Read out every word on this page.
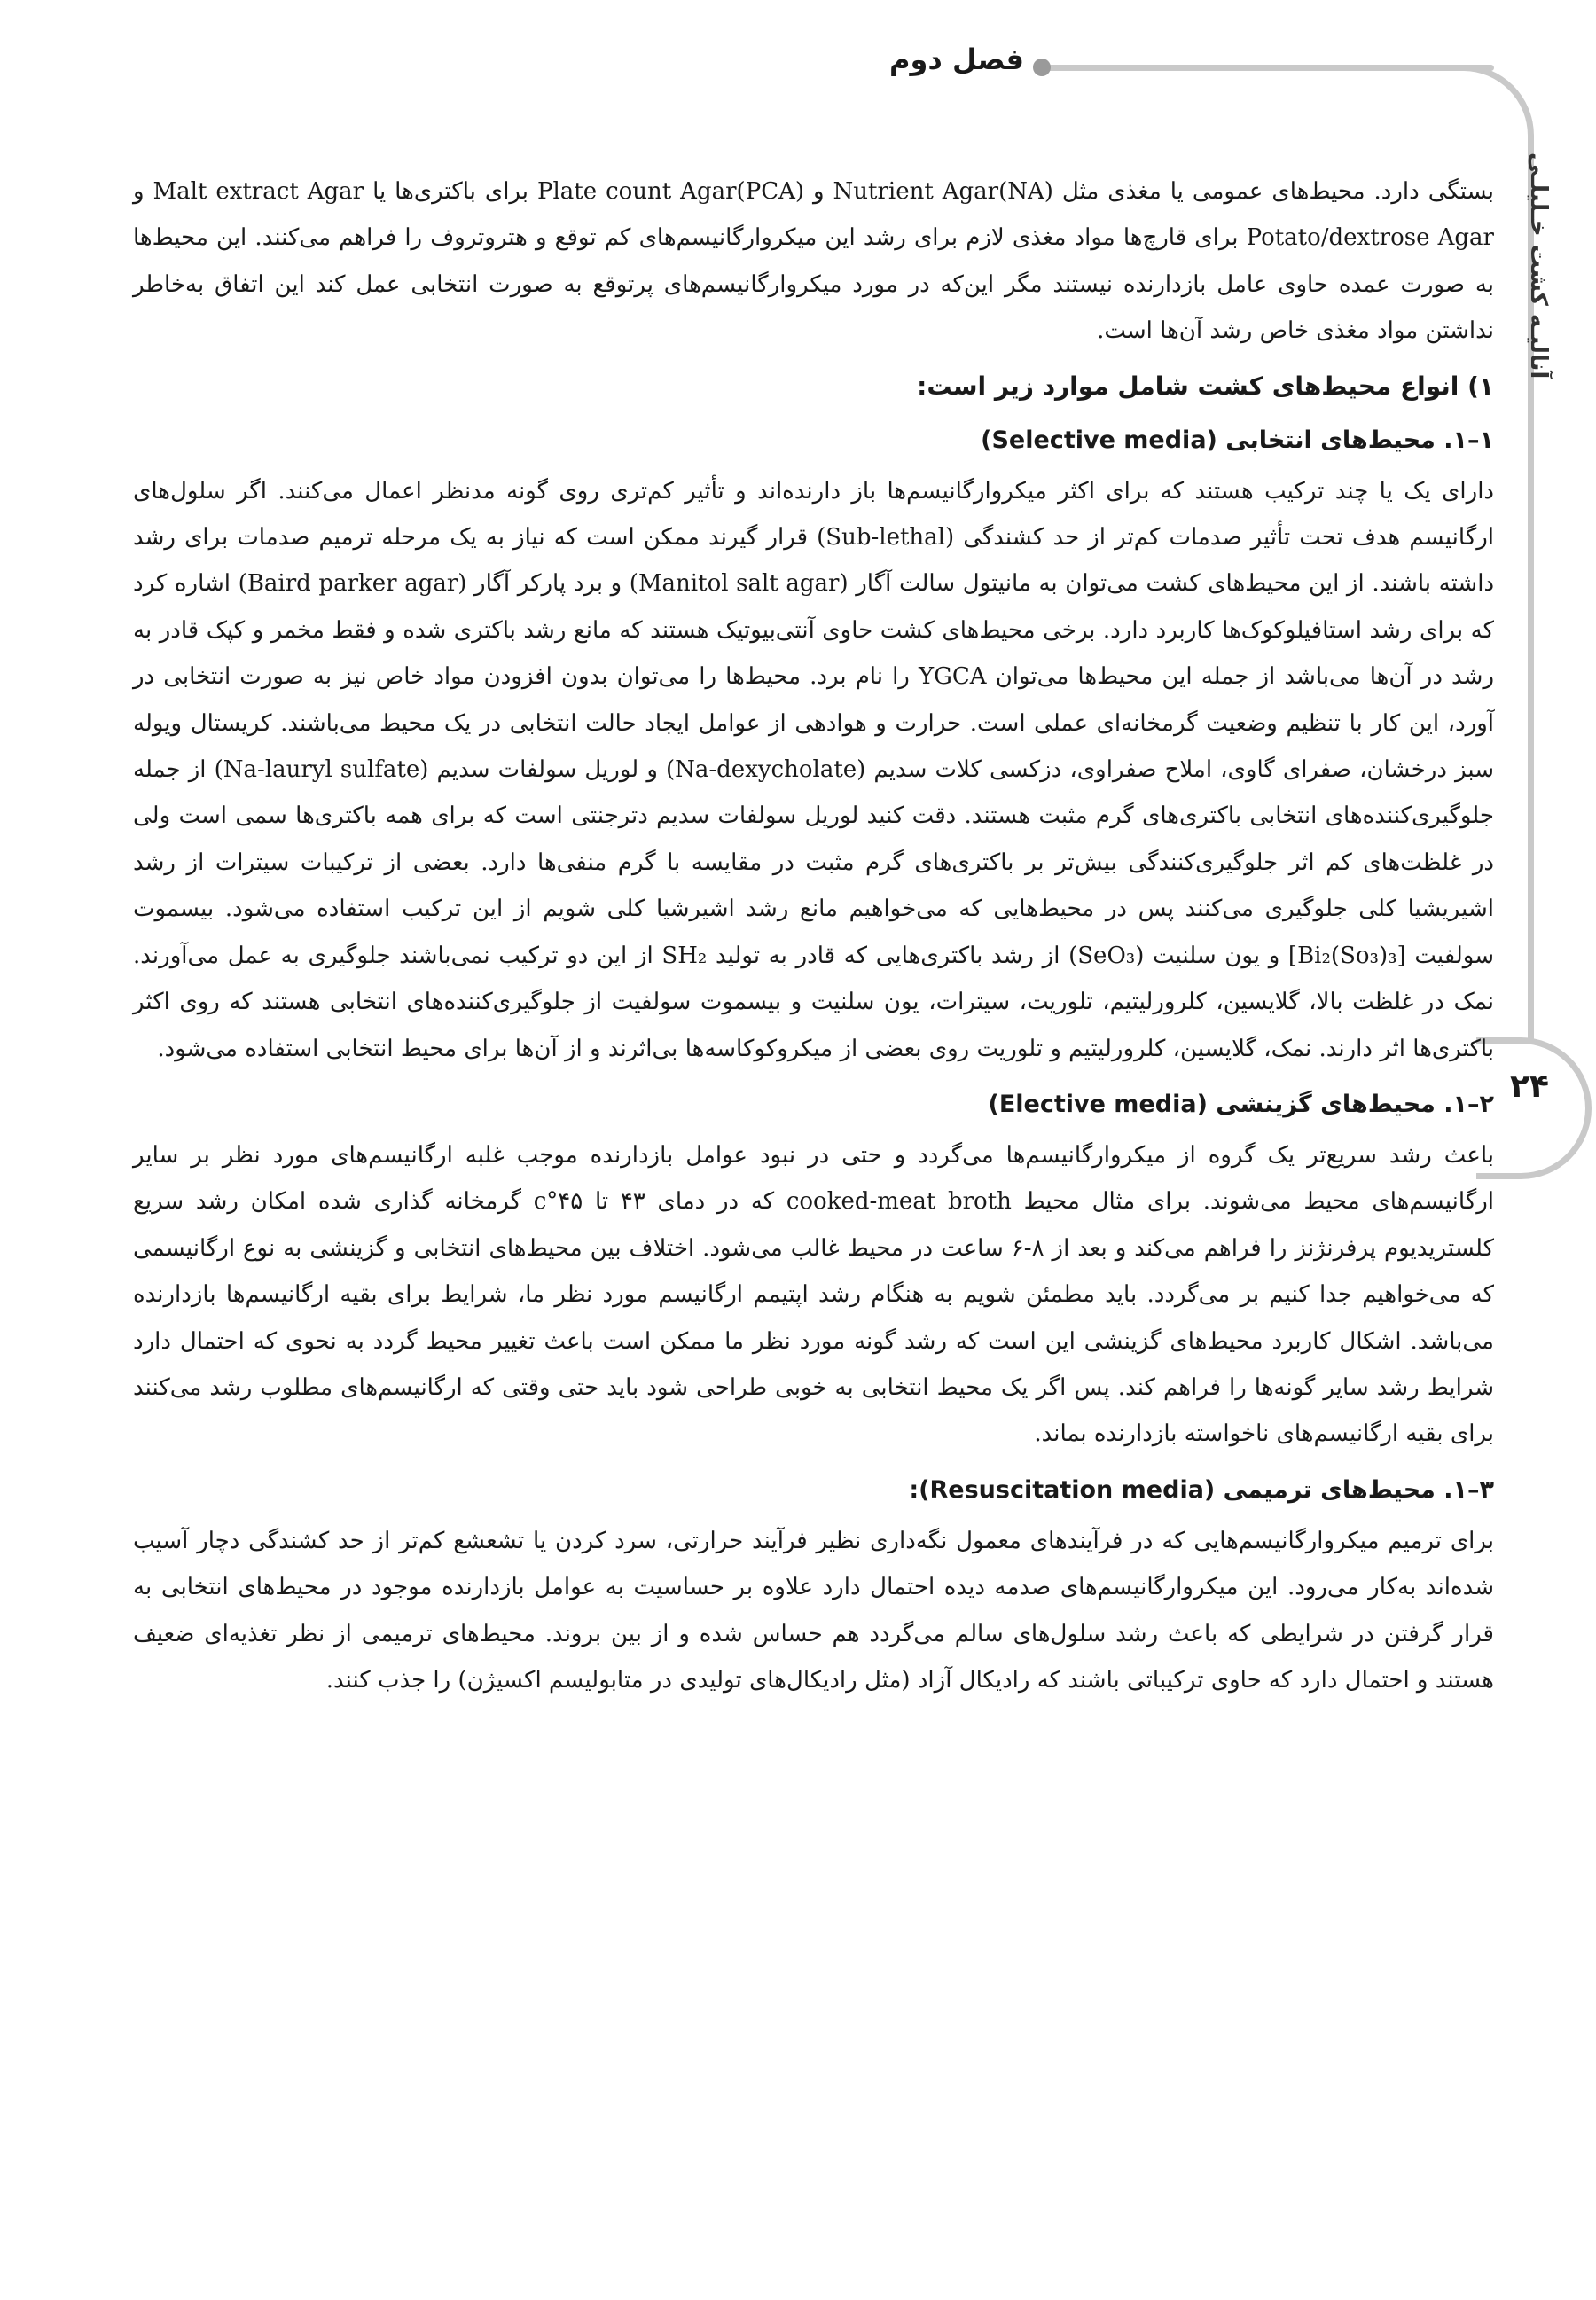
فصل دوم
آنالیـه کشت خـلیلـی
۲۴

بستگی دارد. محیط‌های عمومی یا مغذی مثل (NA)Nutrient Agar و (PCA)Plate count Agar برای باکتری‌ها یا Malt extract Agar و Potato/dextrose Agar برای قارچ‌ها مواد مغذی لازم برای رشد این میکروارگانیسم‌های کم توقع و هتروتروف را فراهم می‌کنند. این محیط‌ها به صورت عمده حاوی عامل بازدارنده نیستند مگر این‌که در مورد میکروارگانیسم‌های پرتوقع به صورت انتخابی عمل کند این اتفاق به‌خاطر نداشتن مواد مغذی خاص رشد آن‌ها است.

۱) انواع محیط‌های کشت شامل موارد زیر است:
۱–۱. محیط‌های انتخابی (Selective media)

دارای یک یا چند ترکیب هستند که برای اکثر میکروارگانیسم‌ها باز دارنده‌اند و تأثیر کم‌تری روی گونه مدنظر اعمال می‌کنند. اگر سلول‌های ارگانیسم هدف تحت تأثیر صدمات کم‌تر از حد کشندگی (Sub-lethal) قرار گیرند ممکن است که نیاز به یک مرحله ترمیم صدمات برای رشد داشته باشند. از این محیط‌های کشت می‌توان به مانیتول سالت آگار (Manitol salt agar) و برد پارکر آگار (Baird parker agar) اشاره کرد که برای رشد استافیلوکوک‌ها کاربرد دارد. برخی محیط‌های کشت حاوی آنتی‌بیوتیک هستند که مانع رشد باکتری شده و فقط مخمر و کپک قادر به رشد در آن‌ها می‌باشد از جمله این محیط‌ها می‌توان YGCA را نام برد. محیط‌ها را می‌توان بدون افزودن مواد خاص نیز به صورت انتخابی در آورد، این کار با تنظیم وضعیت گرمخانه‌ای عملی است. حرارت و هوادهی از عوامل ایجاد حالت انتخابی در یک محیط می‌باشند. کریستال ویوله سبز درخشان، صفرای گاوی، املاح صفراوی، دزکسی کلات سدیم (Na-dexycholate) و لوریل سولفات سدیم (Na-lauryl sulfate) از جمله جلوگیری‌کننده‌های انتخابی باکتری‌های گرم مثبت هستند. دقت کنید لوریل سولفات سدیم دترجنتی است که برای همه باکتری‌ها سمی است ولی در غلظت‌های کم اثر جلوگیری‌کنندگی بیش‌تر بر باکتری‌های گرم مثبت در مقایسه با گرم منفی‌ها دارد. بعضی از ترکیبات سیترات از رشد اشیریشیا کلی جلوگیری می‌کنند پس در محیط‌هایی که می‌خواهیم مانع رشد اشیرشیا کلی شویم از این ترکیب استفاده می‌شود. بیسموت سولفیت [Bi₂(So₃)₃] و یون سلنیت (SeO₃) از رشد باکتری‌هایی که قادر به تولید SH₂ از این دو ترکیب نمی‌باشند جلوگیری به عمل می‌آورند. نمک در غلظت بالا، گلایسین، کلرورلیتیم، تلوریت، سیترات، یون سلنیت و بیسموت سولفیت از جلوگیری‌کننده‌های انتخابی هستند که روی اکثر باکتری‌ها اثر دارند. نمک، گلایسین، کلرورلیتیم و تلوریت روی بعضی از میکروکوکاسه‌ها بی‌اثرند و از آن‌ها برای محیط انتخابی استفاده می‌شود.

۲–۱. محیط‌های گزینشی (Elective media)

باعث رشد سریع‌تر یک گروه از میکروارگانیسم‌ها می‌گردد و حتی در نبود عوامل بازدارنده موجب غلبه ارگانیسم‌های مورد نظر بر سایر ارگانیسم‌های محیط می‌شوند. برای مثال محیط cooked-meat broth که در دمای ۴۳ تا ۴۵°c گرمخانه گذاری شده امکان رشد سریع کلستریدیوم پرفرنژنز را فراهم می‌کند و بعد از ۸-۶ ساعت در محیط غالب می‌شود. اختلاف بین محیط‌های انتخابی و گزینشی به نوع ارگانیسمی که می‌خواهیم جدا کنیم بر می‌گردد. باید مطمئن شویم به هنگام رشد اپتیمم ارگانیسم مورد نظر ما، شرایط برای بقیه ارگانیسم‌ها بازدارنده می‌باشد. اشکال کاربرد محیط‌های گزینشی این است که رشد گونه مورد نظر ما ممکن است باعث تغییر محیط گردد به نحوی که احتمال دارد شرایط رشد سایر گونه‌ها را فراهم کند. پس اگر یک محیط انتخابی به خوبی طراحی شود باید حتی وقتی که ارگانیسم‌های مطلوب رشد می‌کنند برای بقیه ارگانیسم‌های ناخواسته بازدارنده بماند.

۳–۱. محیط‌های ترمیمی (Resuscitation media):

برای ترمیم میکروارگانیسم‌هایی که در فرآیندهای معمول نگه‌داری نظیر فرآیند حرارتی، سرد کردن یا تشعشع کم‌تر از حد کشندگی دچار آسیب شده‌اند به‌کار می‌رود. این میکروارگانیسم‌های صدمه دیده احتمال دارد علاوه بر حساسیت به عوامل بازدارنده موجود در محیط‌های انتخابی به قرار گرفتن در شرایطی که باعث رشد سلول‌های سالم می‌گردد هم حساس شده و از بین بروند. محیط‌های ترمیمی از نظر تغذیه‌ای ضعیف هستند و احتمال دارد که حاوی ترکیباتی باشند که رادیکال آزاد (مثل رادیکال‌های تولیدی در متابولیسم اکسیژن) را جذب کنند.
